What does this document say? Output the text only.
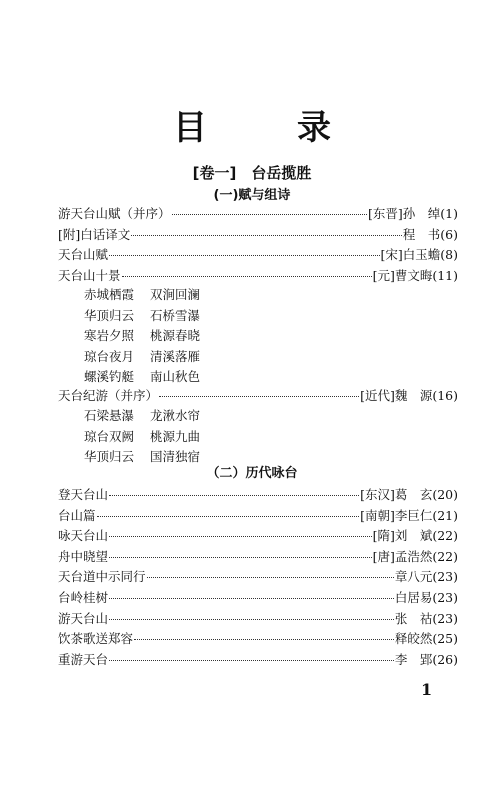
目　录
[卷一]　台岳揽胜
(一)赋与组诗
游天台山赋（并序）	[东晋]孙　绰 (1)
[附]白话译文	程　书 (6)
天台山赋	[宋]白玉蟾 (8)
天台山十景	[元]曹文晦 (11)
赤城栖霞	双涧回澜
华顶归云	石桥雪瀑
寒岩夕照	桃源春晓
琼台夜月	清溪落雁
螺溪钓艇	南山秋色
天台纪游（并序）	[近代]魏　源 (16)
石梁悬瀑	龙湫水帘
琼台双阙	桃源九曲
华顶归云	国清独宿
（二）历代咏台
登天台山	[东汉]葛　玄 (20)
台山篇	[南朝]李巨仁 (21)
咏天台山	[隋]刘　斌 (22)
舟中晓望	[唐]孟浩然 (22)
天台道中示同行	章八元 (23)
台岭桂树	白居易 (23)
游天台山	张　祜 (23)
饮茶歌送郑容	释皎然 (25)
重游天台	李　郢 (26)
1
